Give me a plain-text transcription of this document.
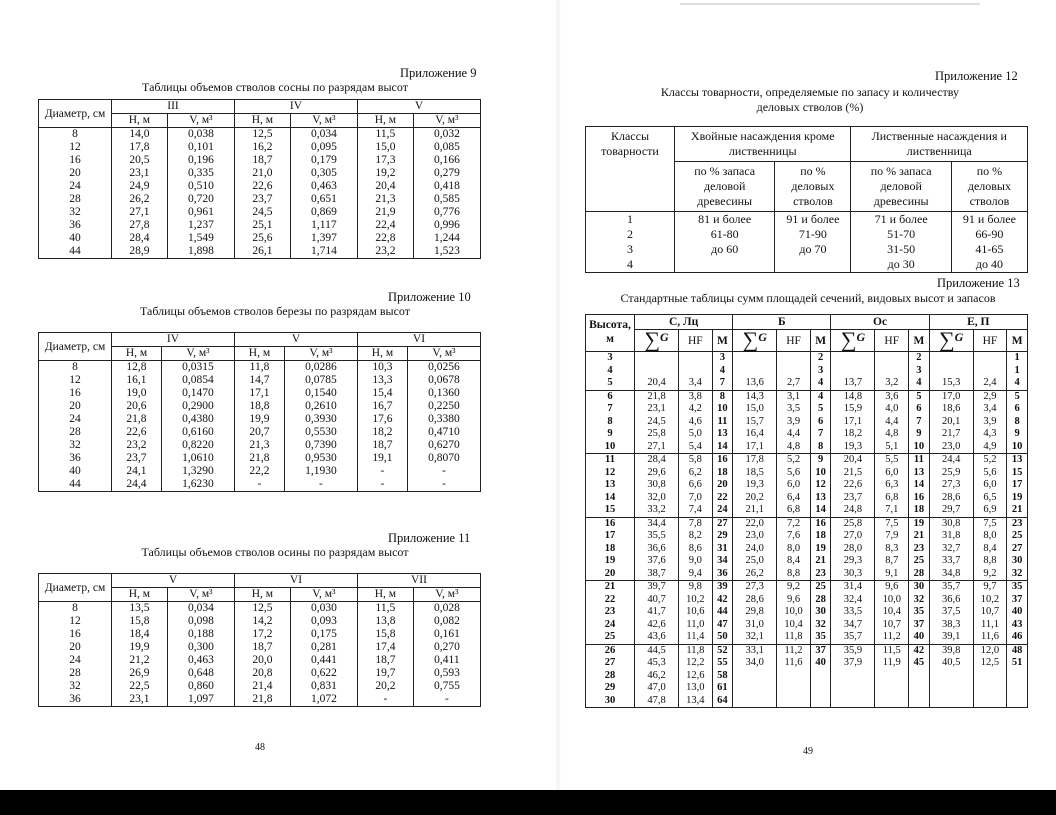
Приложение 9
Таблицы объемов стволов сосны по разрядам высот
Диаметр, см	III		IV		V	
	Н, м	V, м³	Н, м	V, м³	Н, м	V, м³
8	14,0	0,038	12,5	0,034	11,5	0,032
12	17,8	0,101	16,2	0,095	15,0	0,085
16	20,5	0,196	18,7	0,179	17,3	0,166
20	23,1	0,335	21,0	0,305	19,2	0,279
24	24,9	0,510	22,6	0,463	20,4	0,418
28	26,2	0,720	23,7	0,651	21,3	0,585
32	27,1	0,961	24,5	0,869	21,9	0,776
36	27,8	1,237	25,1	1,117	22,4	0,996
40	28,4	1,549	25,6	1,397	22,8	1,244
44	28,9	1,898	26,1	1,714	23,2	1,523
Приложение 10
Таблицы объемов стволов березы по разрядам высот
Диаметр, см	IV		V		VI	
	Н, м	V, м³	Н, м	V, м³	Н, м	V, м³
8	12,8	0,0315	11,8	0,0286	10,3	0,0256
12	16,1	0,0854	14,7	0,0785	13,3	0,0678
16	19,0	0,1470	17,1	0,1540	15,4	0,1360
20	20,6	0,2900	18,8	0,2610	16,7	0,2250
24	21,8	0,4380	19,9	0,3930	17,6	0,3380
28	22,6	0,6160	20,7	0,5530	18,2	0,4710
32	23,2	0,8220	21,3	0,7390	18,7	0,6270
36	23,7	1,0610	21,8	0,9530	19,1	0,8070
40	24,1	1,3290	22,2	1,1930	-	-
44	24,4	1,6230	-	-	-	-
Приложение 11
Таблицы объемов стволов осины по разрядам высот
Диаметр, см	V		VI		VII	
	Н, м	V, м³	Н, м	V, м³	Н, м	V, м³
8	13,5	0,034	12,5	0,030	11,5	0,028
12	15,8	0,098	14,2	0,093	13,8	0,082
16	18,4	0,188	17,2	0,175	15,8	0,161
20	19,9	0,300	18,7	0,281	17,4	0,270
24	21,2	0,463	20,0	0,441	18,7	0,411
28	26,9	0,648	20,8	0,622	19,7	0,593
32	22,5	0,860	21,4	0,831	20,2	0,755
36	23,1	1,097	21,8	1,072	-	-
48
Приложение 12
Классы товарности, определяемые по запасу и количеству
деловых стволов (%)
Классы товарности	Хвойные насаждения кроме лиственницы		Лиственные насаждения и лиственница	
	по % запаса деловой древесины	по % деловых стволов	по % запаса деловой древесины	по % деловых стволов
1	81 и более	91 и более	71 и более	91 и более
2	61-80	71-90	51-70	66-90
3	до 60	до 70	31-50	41-65
4			до 30	до 40
Приложение 13
Стандартные таблицы сумм площадей сечений, видовых высот и запасов
Высота, м	С, Лц			Б			Ос			Е, П		
	∑G	HF	M	∑G	HF	M	∑G	HF	M	∑G	HF	M
3			3			2			2			1
4			4			3			3			1
5	20,4	3,4	7	13,6	2,7	4	13,7	3,2	4	15,3	2,4	4
6	21,8	3,8	8	14,3	3,1	4	14,8	3,6	5	17,0	2,9	5
7	23,1	4,2	10	15,0	3,5	5	15,9	4,0	6	18,6	3,4	6
8	24,5	4,6	11	15,7	3,9	6	17,1	4,4	7	20,1	3,9	8
9	25,8	5,0	13	16,4	4,4	7	18,2	4,8	9	21,7	4,3	9
10	27,1	5,4	14	17,1	4,8	8	19,3	5,1	10	23,0	4,9	10
11	28,4	5,8	16	17,8	5,2	9	20,4	5,5	11	24,4	5,2	13
12	29,6	6,2	18	18,5	5,6	10	21,5	6,0	13	25,9	5,6	15
13	30,8	6,6	20	19,3	6,0	12	22,6	6,3	14	27,3	6,0	17
14	32,0	7,0	22	20,2	6,4	13	23,7	6,8	16	28,6	6,5	19
15	33,2	7,4	24	21,1	6,8	14	24,8	7,1	18	29,7	6,9	21
16	34,4	7,8	27	22,0	7,2	16	25,8	7,5	19	30,8	7,5	23
17	35,5	8,2	29	23,0	7,6	18	27,0	7,9	21	31,8	8,0	25
18	36,6	8,6	31	24,0	8,0	19	28,0	8,3	23	32,7	8,4	27
19	37,6	9,0	34	25,0	8,4	21	29,3	8,7	25	33,7	8,8	30
20	38,7	9,4	36	26,2	8,8	23	30,3	9,1	28	34,8	9,2	32
21	39,7	9,8	39	27,3	9,2	25	31,4	9,6	30	35,7	9,7	35
22	40,7	10,2	42	28,6	9,6	28	32,4	10,0	32	36,6	10,2	37
23	41,7	10,6	44	29,8	10,0	30	33,5	10,4	35	37,5	10,7	40
24	42,6	11,0	47	31,0	10,4	32	34,7	10,7	37	38,3	11,1	43
25	43,6	11,4	50	32,1	11,8	35	35,7	11,2	40	39,1	11,6	46
26	44,5	11,8	52	33,1	11,2	37	35,9	11,5	42	39,8	12,0	48
27	45,3	12,2	55	34,0	11,6	40	37,9	11,9	45	40,5	12,5	51
28	46,2	12,6	58									
29	47,0	13,0	61									
30	47,8	13,4	64									
49
